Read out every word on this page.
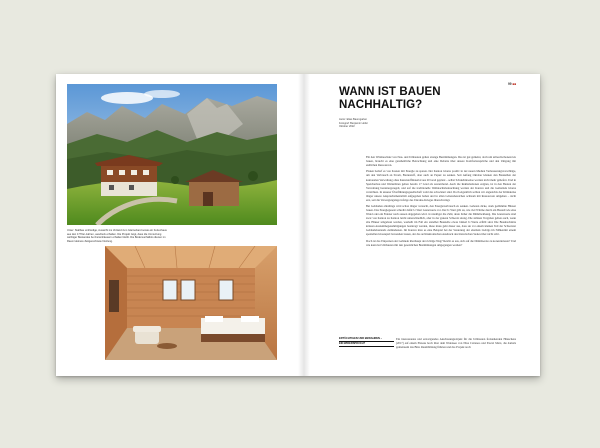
Unter: Stallbau umfriedige, Aussicht ins Vorland zum Glarnerland sowie ein Ferienhaus aus den 1770er-Jahren, ausdruck erhalten. Die Projekt zeigt, dass die Umnutzung wichtiger Bestandes bei Ferienhäusern erhalten bleibt. Die Bodenverhältnis dienen im Raum kleinere Zeitgerechnete Nutzung.
99 ■■
WANN IST BAUEN NACHHALTIG?
Autor: Elias Baumgarten
Fotograf: Benjamin Hofer
Oktober 2022

Für den Wärmeschutz von Neu- und Umbauten gelten strenge Bestimmungen. Das ist gut gemeint, doch um umweltschonend zu bauen, braucht es eine ganzheitliche Betrachtung und eine Debatte über unsere Komfortansprüche und den Umgang mit endlichen Ressourcen.

Planen bedarf es von Kosten mit Energie zu sparen. Der Kanton Glarus positiv in der neuen Medien Verbesserungsvorschläge, um den Verbrauch an Strom, Brennstoff, aber auch an Papier zu senken. Seit Anfang Oktober können den Baustellen der kantonalen Verwaltung ohne Kunststoffmaterial aus 20 Grad geplant – selbst Schutzhinweise werden nicht mehr geliefert. Und in Speicherbau und Werkstätten gelten bereits 17 Grad als ausreichend. Auch die Reklamationen zeigten, ist in den Bauten der Verwaltung heruntergeregelt, und auf die traditionelle Weihnachtsbeleuchtung werden der Kanton und die Gemeinde Glarus verzichten. In unserer Überführungsgesellschaft wohl das schockiert sind. Doch eigentlich sollten wir angesichts der Klimakrise länger unsere Anspruchsmentalität aufgegeben haben und in allen Lebensbereichen achtsam mit Ressourcen umgehen – nicht erst, seit die Versorgungslage infolge des Ukraine-Krieges überschwingt.

Bei Gebäuden allerdings wird schon länger versucht, den Energieverbrauch zu senken. Gebeten dicke, stark gedämmte Häuser bauen. Das Energiegesetz schreibt dafür U-Wert Grenzwerte vor. Der U-Wert gibt an, wie viel Wärme durch ein Bauteil wie eine Wand oder ein Fenster nach aussen abgegeben wird. Je niedriger die Zahl, desto höher die Dämmwirkung. Die Grenzwerte sind zwar von Kanton zu Kanton leicht unterschiedlich, aber in der ganzen Schweiz streng. Die strikten Vorgaben gelten auch, wenn alte Häuser umgebaut werden, weshalb im Fall ein standbei Baustelle etwas bisheri U-Werte erfüllt sind. Die Bauabschnitte können Ausnahmegenehmigungen beantragt werden, diese muss geht dieser aus, dass sie vor einem kleinen Teil der Schweizer Gebäudebestands zumindesten. Im Kanton man es eine Beispiel bei der Sanierung der ehemals Liebigs im Nählenmit einem speziellen Glaszeptzt bewenden lassen, der das architektonischen Ausdruck des historischen Saales über nicht stört.

Doch ist das Einpacken der Gebäude überhaupt der richtige Weg? Reicht es aus, sich auf die Dämmwerte zu konzentrieren? Und wie kann bei Umbauten mit den gesetzlichen Bestimmungen umgegangen werden?

ERTÜCHTIGEN UND BEWAHREN –
EIN WIDERSPRUCH?
Ein interessantes und erstorigendes Anschauungsobjekt für die Umbauten freistehenden Häuschens (2017) auf einem Plateau hoch über dem Walensee von Nina Cattaneo und Pascal Marx, die damals gemeinsam das Büro Raumbildung führten und das Projekt noch
